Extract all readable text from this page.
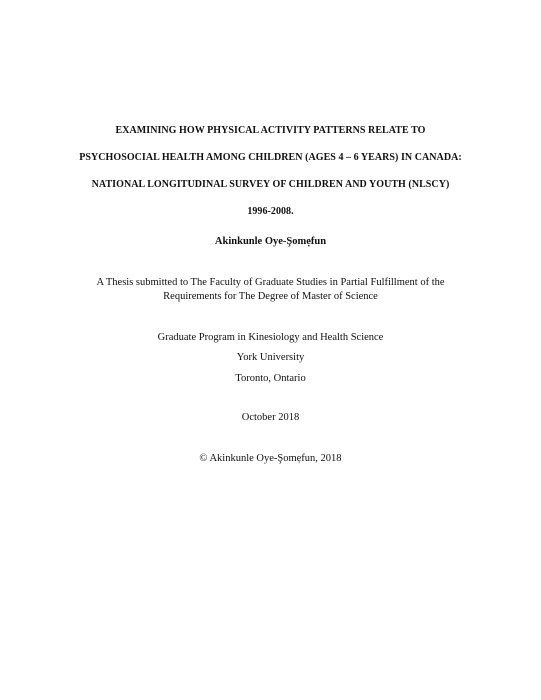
EXAMINING HOW PHYSICAL ACTIVITY PATTERNS RELATE TO
PSYCHOSOCIAL HEALTH AMONG CHILDREN (AGES 4 – 6 YEARS) IN CANADA:
NATIONAL LONGITUDINAL SURVEY OF CHILDREN AND YOUTH (NLSCY)
1996-2008.
Akinkunle Oye-Şomẹfun
A Thesis submitted to The Faculty of Graduate Studies in Partial Fulfillment of the
Requirements for The Degree of Master of Science
Graduate Program in Kinesiology and Health Science
York University
Toronto, Ontario
October 2018
© Akinkunle Oye-Şomẹfun, 2018
